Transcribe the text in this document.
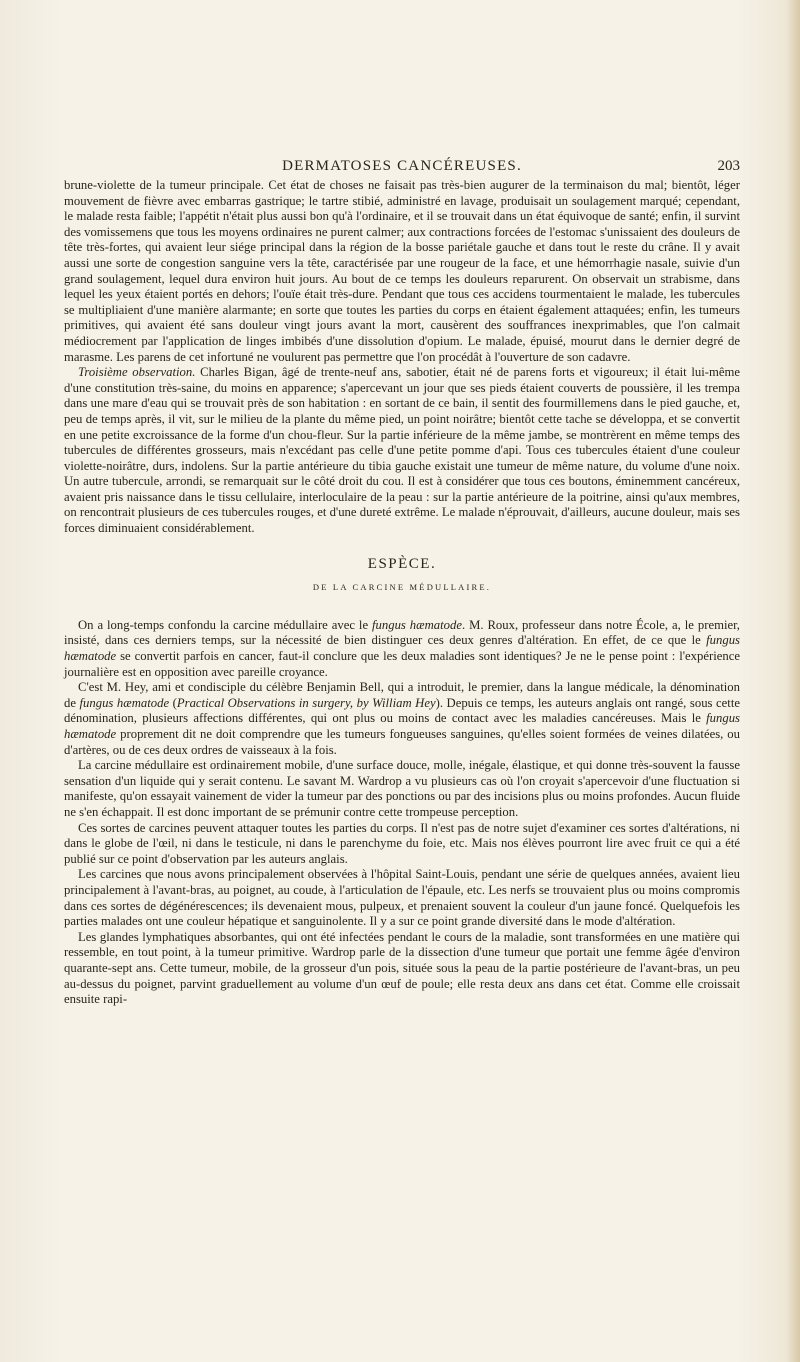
DERMATOSES CANCÉREUSES.	203

brune-violette de la tumeur principale. Cet état de choses ne faisait pas très-bien augurer de la terminaison du mal; bientôt, léger mouvement de fièvre avec embarras gastrique; le tartre stibié, administré en lavage, produisait un soulagement marqué; cependant, le malade resta faible; l'appétit n'était plus aussi bon qu'à l'ordinaire, et il se trouvait dans un état équivoque de santé; enfin, il survint des vomissemens que tous les moyens ordinaires ne purent calmer; aux contractions forcées de l'estomac s'unissaient des douleurs de tête très-fortes, qui avaient leur siége principal dans la région de la bosse pariétale gauche et dans tout le reste du crâne. Il y avait aussi une sorte de congestion sanguine vers la tête, caractérisée par une rougeur de la face, et une hémorrhagie nasale, suivie d'un grand soulagement, lequel dura environ huit jours. Au bout de ce temps les douleurs reparurent. On observait un strabisme, dans lequel les yeux étaient portés en dehors; l'ouïe était très-dure. Pendant que tous ces accidens tourmentaient le malade, les tubercules se multipliaient d'une manière alarmante; en sorte que toutes les parties du corps en étaient également attaquées; enfin, les tumeurs primitives, qui avaient été sans douleur vingt jours avant la mort, causèrent des souffrances inexprimables, que l'on calmait médiocrement par l'application de linges imbibés d'une dissolution d'opium. Le malade, épuisé, mourut dans le dernier degré de marasme. Les parens de cet infortuné ne voulurent pas permettre que l'on procédât à l'ouverture de son cadavre.

Troisième observation. Charles Bigan, âgé de trente-neuf ans, sabotier, était né de parens forts et vigoureux; il était lui-même d'une constitution très-saine, du moins en apparence; s'apercevant un jour que ses pieds étaient couverts de poussière, il les trempa dans une mare d'eau qui se trouvait près de son habitation : en sortant de ce bain, il sentit des fourmillemens dans le pied gauche, et, peu de temps après, il vit, sur le milieu de la plante du même pied, un point noirâtre; bientôt cette tache se développa, et se convertit en une petite excroissance de la forme d'un chou-fleur. Sur la partie inférieure de la même jambe, se montrèrent en même temps des tubercules de différentes grosseurs, mais n'excédant pas celle d'une petite pomme d'api. Tous ces tubercules étaient d'une couleur violette-noirâtre, durs, indolens. Sur la partie antérieure du tibia gauche existait une tumeur de même nature, du volume d'une noix. Un autre tubercule, arrondi, se remarquait sur le côté droit du cou. Il est à considérer que tous ces boutons, éminemment cancéreux, avaient pris naissance dans le tissu cellulaire, interloculaire de la peau : sur la partie antérieure de la poitrine, ainsi qu'aux membres, on rencontrait plusieurs de ces tubercules rouges, et d'une dureté extrême. Le malade n'éprouvait, d'ailleurs, aucune douleur, mais ses forces diminuaient considérablement.

ESPÈCE.
DE LA CARCINE MÉDULLAIRE.

On a long-temps confondu la carcine médullaire avec le fungus hæmatode. M. Roux, professeur dans notre École, a, le premier, insisté, dans ces derniers temps, sur la nécessité de bien distinguer ces deux genres d'altération. En effet, de ce que le fungus hæmatode se convertit parfois en cancer, faut-il conclure que les deux maladies sont identiques? Je ne le pense point : l'expérience journalière est en opposition avec pareille croyance.

C'est M. Hey, ami et condisciple du célèbre Benjamin Bell, qui a introduit, le premier, dans la langue médicale, la dénomination de fungus hæmatode (Practical Observations in surgery, by William Hey). Depuis ce temps, les auteurs anglais ont rangé, sous cette dénomination, plusieurs affections différentes, qui ont plus ou moins de contact avec les maladies cancéreuses. Mais le fungus hæmatode proprement dit ne doit comprendre que les tumeurs fongueuses sanguines, qu'elles soient formées de veines dilatées, ou d'artères, ou de ces deux ordres de vaisseaux à la fois.

La carcine médullaire est ordinairement mobile, d'une surface douce, molle, inégale, élastique, et qui donne très-souvent la fausse sensation d'un liquide qui y serait contenu. Le savant M. Wardrop a vu plusieurs cas où l'on croyait s'apercevoir d'une fluctuation si manifeste, qu'on essayait vainement de vider la tumeur par des ponctions ou par des incisions plus ou moins profondes. Aucun fluide ne s'en échappait. Il est donc important de se prémunir contre cette trompeuse perception.

Ces sortes de carcines peuvent attaquer toutes les parties du corps. Il n'est pas de notre sujet d'examiner ces sortes d'altérations, ni dans le globe de l'œil, ni dans le testicule, ni dans le parenchyme du foie, etc. Mais nos élèves pourront lire avec fruit ce qui a été publié sur ce point d'observation par les auteurs anglais.

Les carcines que nous avons principalement observées à l'hôpital Saint-Louis, pendant une série de quelques années, avaient lieu principalement à l'avant-bras, au poignet, au coude, à l'articulation de l'épaule, etc. Les nerfs se trouvaient plus ou moins compromis dans ces sortes de dégénérescences; ils devenaient mous, pulpeux, et prenaient souvent la couleur d'un jaune foncé. Quelquefois les parties malades ont une couleur hépatique et sanguinolente. Il y a sur ce point grande diversité dans le mode d'altération.

Les glandes lymphatiques absorbantes, qui ont été infectées pendant le cours de la maladie, sont transformées en une matière qui ressemble, en tout point, à la tumeur primitive. Wardrop parle de la dissection d'une tumeur que portait une femme âgée d'environ quarante-sept ans. Cette tumeur, mobile, de la grosseur d'un pois, située sous la peau de la partie postérieure de l'avant-bras, un peu au-dessus du poignet, parvint graduellement au volume d'un œuf de poule; elle resta deux ans dans cet état. Comme elle croissait ensuite rapi-
